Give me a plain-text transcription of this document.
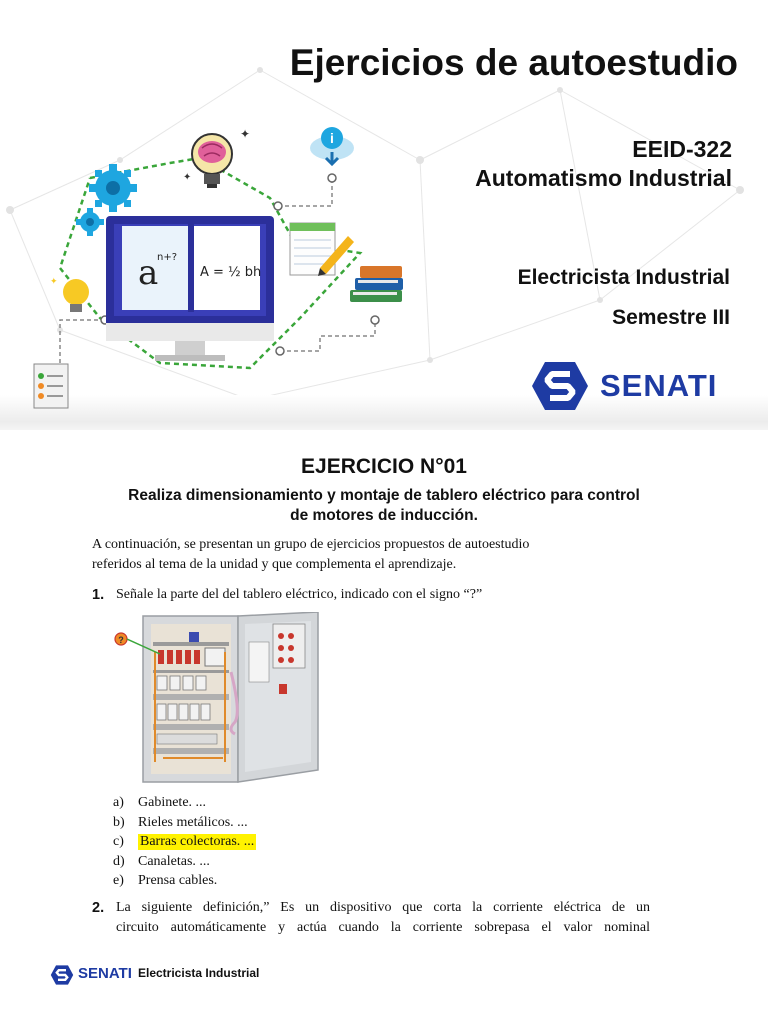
Ejercicios de autoestudio
EEID-322
Automatismo Industrial
Electricista Industrial
Semestre III
SENATI
✦
✦
i
a
n+?
A = ½ bh
✦
EJERCICIO N°01
Realiza dimensionamiento y montaje de tablero eléctrico para control
de motores de inducción.
A continuación, se presentan un grupo de ejercicios propuestos de autoestudio
referidos al tema de la unidad y que complementa el aprendizaje.
1. Señale la parte del del tablero eléctrico, indicado con el signo “?”
?
a) Gabinete. ...
b) Rieles metálicos. ...
c) Barras colectoras. ...
d) Canaletas. ...
e) Prensa cables.
2. La siguiente definición,” Es un dispositivo que corta la corriente eléctrica de un
circuito automáticamente y actúa cuando la corriente sobrepasa el valor nominal
SENATI Electricista Industrial
